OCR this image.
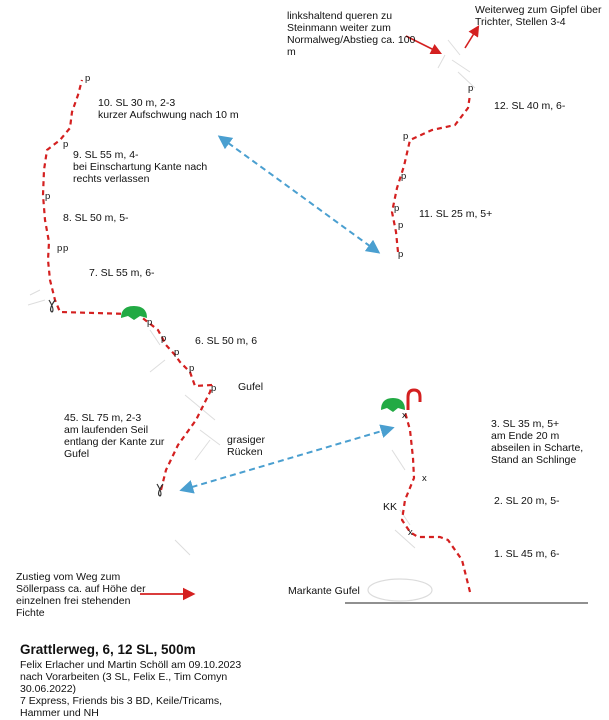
p
p
p
p p
p
p
p
p
p
p
p
p
p
p
p
x
x
x
1. SL 45 m, 6-
2. SL 20 m, 5-
3. SL 35 m, 5+
am Ende 20 m
abseilen in Scharte,
Stand an Schlinge
45. SL 75 m, 2-3
am laufenden Seil
entlang der Kante zur
Gufel
6. SL 50 m, 6
7. SL 55 m, 6-
8. SL 50 m, 5-
9. SL 55 m, 4-
bei Einschartung Kante nach
rechts verlassen
10. SL 30 m, 2-3
kurzer Aufschwung nach 10 m
11. SL 25 m, 5+
12. SL 40 m, 6-
Gufel
grasiger
Rücken
Markante Gufel
Zustieg vom Weg zum
Söllerpass ca. auf Höhe der
einzelnen frei stehenden
Fichte
linkshaltend queren zu
Steinmann weiter zum
Normalweg/Abstieg ca. 100
m
Weiterweg zum Gipfel über
Trichter, Stellen 3-4
KK
Grattlerweg, 6, 12 SL, 500m
Felix Erlacher und Martin Schöll am 09.10.2023
nach Vorarbeiten (3 SL, Felix E., Tim Comyn
30.06.2022)
7 Express, Friends bis 3 BD, Keile/Tricams,
Hammer und NH
